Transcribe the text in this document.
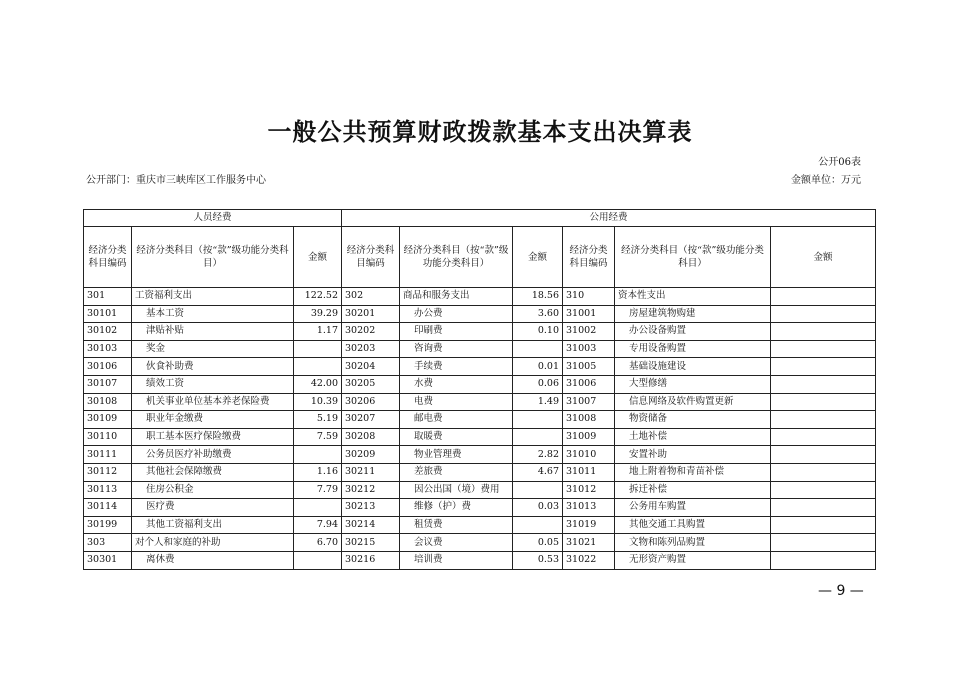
一般公共预算财政拨款基本支出决算表
公开06表
公开部门：重庆市三峡库区工作服务中心	金额单位：万元
人员经费			公用经费					
经济分类科目编码	经济分类科目（按“款”级功能分类科目）	金额	经济分类科目编码	经济分类科目（按“款”级功能分类科目）	金额	经济分类科目编码	经济分类科目（按“款”级功能分类科目）	金额
301	工资福利支出	122.52	302	商品和服务支出	18.56	310	资本性支出	
30101	基本工资	39.29	30201	办公费	3.60	31001	房屋建筑物购建	
30102	津贴补贴	1.17	30202	印刷费	0.10	31002	办公设备购置	
30103	奖金		30203	咨询费		31003	专用设备购置	
30106	伙食补助费		30204	手续费	0.01	31005	基础设施建设	
30107	绩效工资	42.00	30205	水费	0.06	31006	大型修缮	
30108	机关事业单位基本养老保险费	10.39	30206	电费	1.49	31007	信息网络及软件购置更新	
30109	职业年金缴费	5.19	30207	邮电费		31008	物资储备	
30110	职工基本医疗保险缴费	7.59	30208	取暖费		31009	土地补偿	
30111	公务员医疗补助缴费		30209	物业管理费	2.82	31010	安置补助	
30112	其他社会保障缴费	1.16	30211	差旅费	4.67	31011	地上附着物和青苗补偿	
30113	住房公积金	7.79	30212	因公出国（境）费用		31012	拆迁补偿	
30114	医疗费		30213	维修（护）费	0.03	31013	公务用车购置	
30199	其他工资福利支出	7.94	30214	租赁费		31019	其他交通工具购置	
303	对个人和家庭的补助	6.70	30215	会议费	0.05	31021	文物和陈列品购置	
30301	离休费		30216	培训费	0.53	31022	无形资产购置	
— 9 —
